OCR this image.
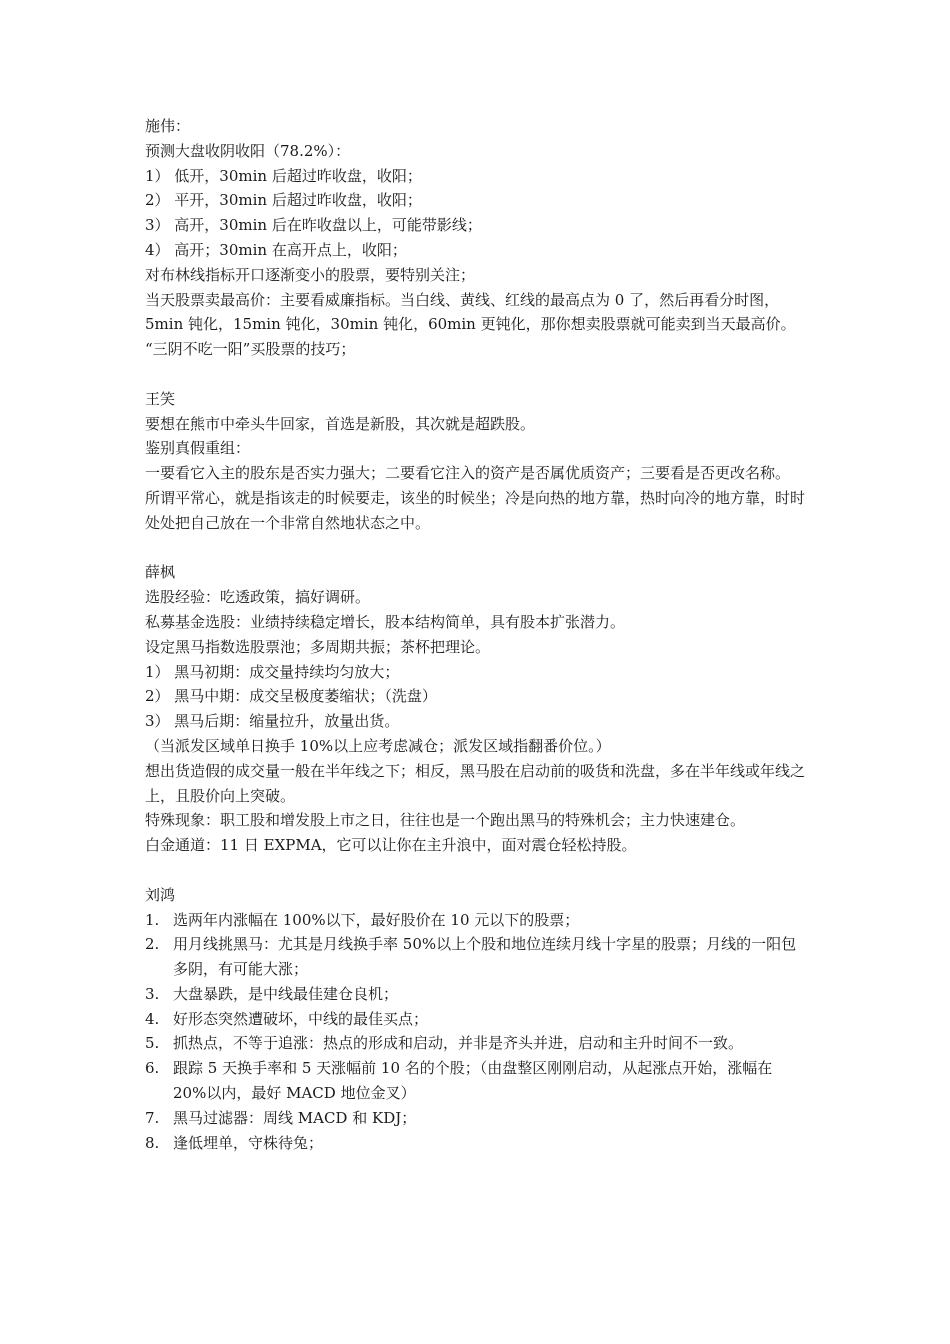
施伟：
预测大盘收阴收阳（78.2%）：
1） 低开，30min 后超过昨收盘，收阳；
2） 平开，30min 后超过昨收盘，收阳；
3） 高开，30min 后在昨收盘以上，可能带影线；
4） 高开；30min 在高开点上，收阳；
对布林线指标开口逐渐变小的股票，要特别关注；
当天股票卖最高价：主要看威廉指标。当白线、黄线、红线的最高点为 0 了，然后再看分时图，5min 钝化，15min 钝化，30min 钝化，60min 更钝化，那你想卖股票就可能卖到当天最高价。
“三阴不吃一阳”买股票的技巧；
王笑
要想在熊市中牵头牛回家，首选是新股，其次就是超跌股。
鉴别真假重组：
一要看它入主的股东是否实力强大；二要看它注入的资产是否属优质资产；三要看是否更改名称。
所谓平常心，就是指该走的时候要走，该坐的时候坐；冷是向热的地方靠，热时向冷的地方靠，时时处处把自己放在一个非常自然地状态之中。
薛枫
选股经验：吃透政策，搞好调研。
私募基金选股：业绩持续稳定增长，股本结构简单，具有股本扩张潜力。
设定黑马指数选股票池；多周期共振；茶杯把理论。
1） 黑马初期：成交量持续均匀放大；
2） 黑马中期：成交呈极度萎缩状；（洗盘）
3） 黑马后期：缩量拉升，放量出货。
（当派发区域单日换手 10%以上应考虑减仓；派发区域指翻番价位。）
想出货造假的成交量一般在半年线之下；相反，黑马股在启动前的吸货和洗盘，多在半年线或年线之上，且股价向上突破。
特殊现象：职工股和增发股上市之日，往往也是一个跑出黑马的特殊机会；主力快速建仓。
白金通道：11 日 EXPMA，它可以让你在主升浪中，面对震仓轻松持股。
刘鸿
1. 选两年内涨幅在 100%以下，最好股价在 10 元以下的股票；
2. 用月线挑黑马：尤其是月线换手率 50%以上个股和地位连续月线十字星的股票；月线的一阳包多阴，有可能大涨；
3. 大盘暴跌，是中线最佳建仓良机；
4. 好形态突然遭破坏，中线的最佳买点；
5. 抓热点，不等于追涨：热点的形成和启动，并非是齐头并进，启动和主升时间不一致。
6. 跟踪 5 天换手率和 5 天涨幅前 10 名的个股；（由盘整区刚刚启动，从起涨点开始，涨幅在 20%以内，最好 MACD 地位金叉）
7. 黑马过滤器：周线 MACD 和 KDJ；
8. 逢低埋单，守株待兔；
